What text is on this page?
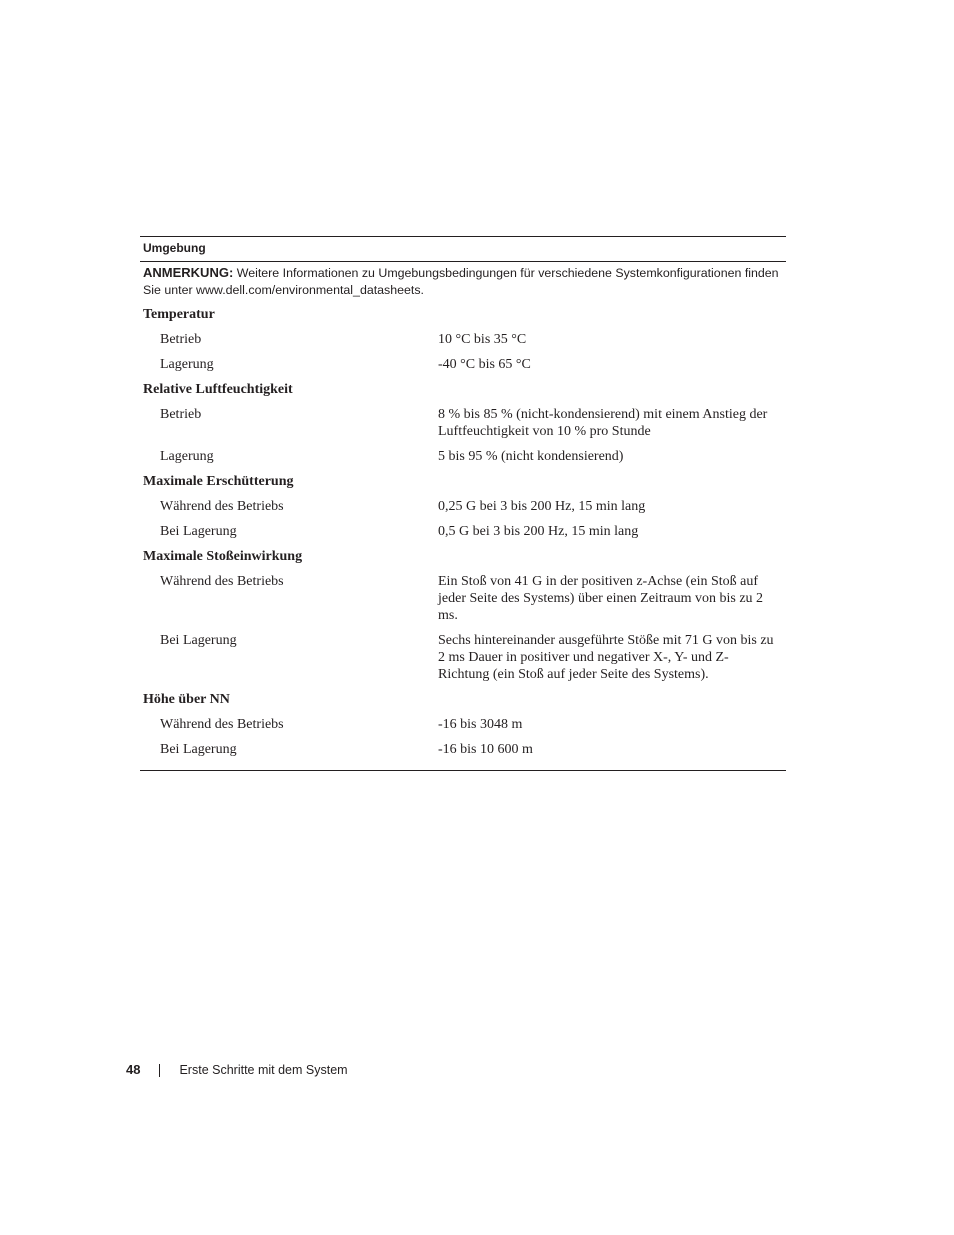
Umgebung
ANMERKUNG: Weitere Informationen zu Umgebungsbedingungen für verschiedene Systemkonfigurationen finden Sie unter www.dell.com/environmental_datasheets.
Temperatur
Betrieb	10 °C bis 35 °C
Lagerung	-40 °C bis 65 °C
Relative Luftfeuchtigkeit
Betrieb	8 % bis 85 % (nicht-kondensierend) mit einem Anstieg der Luftfeuchtigkeit von 10 % pro Stunde
Lagerung	5 bis 95 % (nicht kondensierend)
Maximale Erschütterung
Während des Betriebs	0,25 G bei 3 bis 200 Hz, 15 min lang
Bei Lagerung	0,5 G bei 3 bis 200 Hz, 15 min lang
Maximale Stoßeinwirkung
Während des Betriebs	Ein Stoß von 41 G in der positiven z-Achse (ein Stoß auf jeder Seite des Systems) über einen Zeitraum von bis zu 2 ms.
Bei Lagerung	Sechs hintereinander ausgeführte Stöße mit 71 G von bis zu 2 ms Dauer in positiver und negativer X-, Y- und Z-Richtung (ein Stoß auf jeder Seite des Systems).
Höhe über NN
Während des Betriebs	-16 bis 3048 m
Bei Lagerung	-16 bis 10 600 m
48	Erste Schritte mit dem System
